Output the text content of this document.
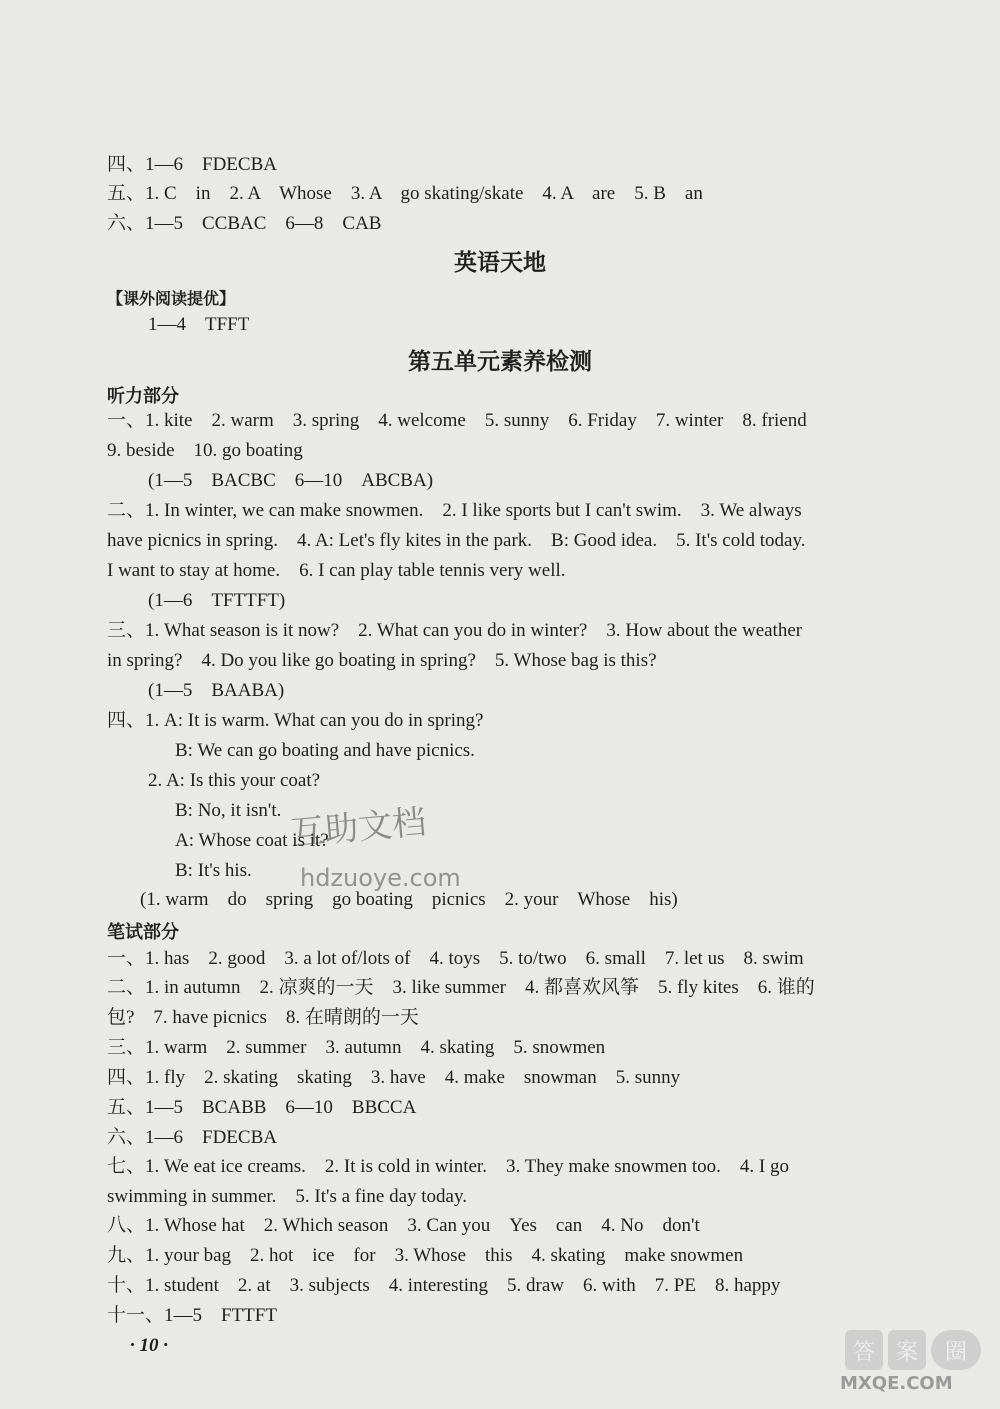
四、1—6　FDECBA
五、1. C　in　2. A　Whose　3. A　go skating/skate　4. A　are　5. B　an
六、1—5　CCBAC　6—8　CAB
英语天地
【课外阅读提优】
1—4　TFFT
第五单元素养检测
听力部分
一、1. kite　2. warm　3. spring　4. welcome　5. sunny　6. Friday　7. winter　8. friend
9. beside　10. go boating
(1—5　BACBC　6—10　ABCBA)
二、1. In winter, we can make snowmen.　2. I like sports but I can't swim.　3. We always
have picnics in spring.　4. A: Let's fly kites in the park.　B: Good idea.　5. It's cold today.
I want to stay at home.　6. I can play table tennis very well.
(1—6　TFTTFT)
三、1. What season is it now?　2. What can you do in winter?　3. How about the weather
in spring?　4. Do you like go boating in spring?　5. Whose bag is this?
(1—5　BAABA)
四、1. A: It is warm. What can you do in spring?
B: We can go boating and have picnics.
2. A: Is this your coat?
B: No, it isn't.
A: Whose coat is it?
B: It's his.
(1. warm　do　spring　go boating　picnics　2. your　Whose　his)
笔试部分
一、1. has　2. good　3. a lot of/lots of　4. toys　5. to/two　6. small　7. let us　8. swim
二、1. in autumn　2. 凉爽的一天　3. like summer　4. 都喜欢风筝　5. fly kites　6. 谁的
包?　7. have picnics　8. 在晴朗的一天
三、1. warm　2. summer　3. autumn　4. skating　5. snowmen
四、1. fly　2. skating　skating　3. have　4. make　snowman　5. sunny
五、1—5　BCABB　6—10　BBCCA
六、1—6　FDECBA
七、1. We eat ice creams.　2. It is cold in winter.　3. They make snowmen too.　4. I go
swimming in summer.　5. It's a fine day today.
八、1. Whose hat　2. Which season　3. Can you　Yes　can　4. No　don't
九、1. your bag　2. hot　ice　for　3. Whose　this　4. skating　make snowmen
十、1. student　2. at　3. subjects　4. interesting　5. draw　6. with　7. PE　8. happy
十一、1—5　FTTFT
· 10 ·
互助文档
hdzuoye.com
答 案 圈
MXQE.COM
